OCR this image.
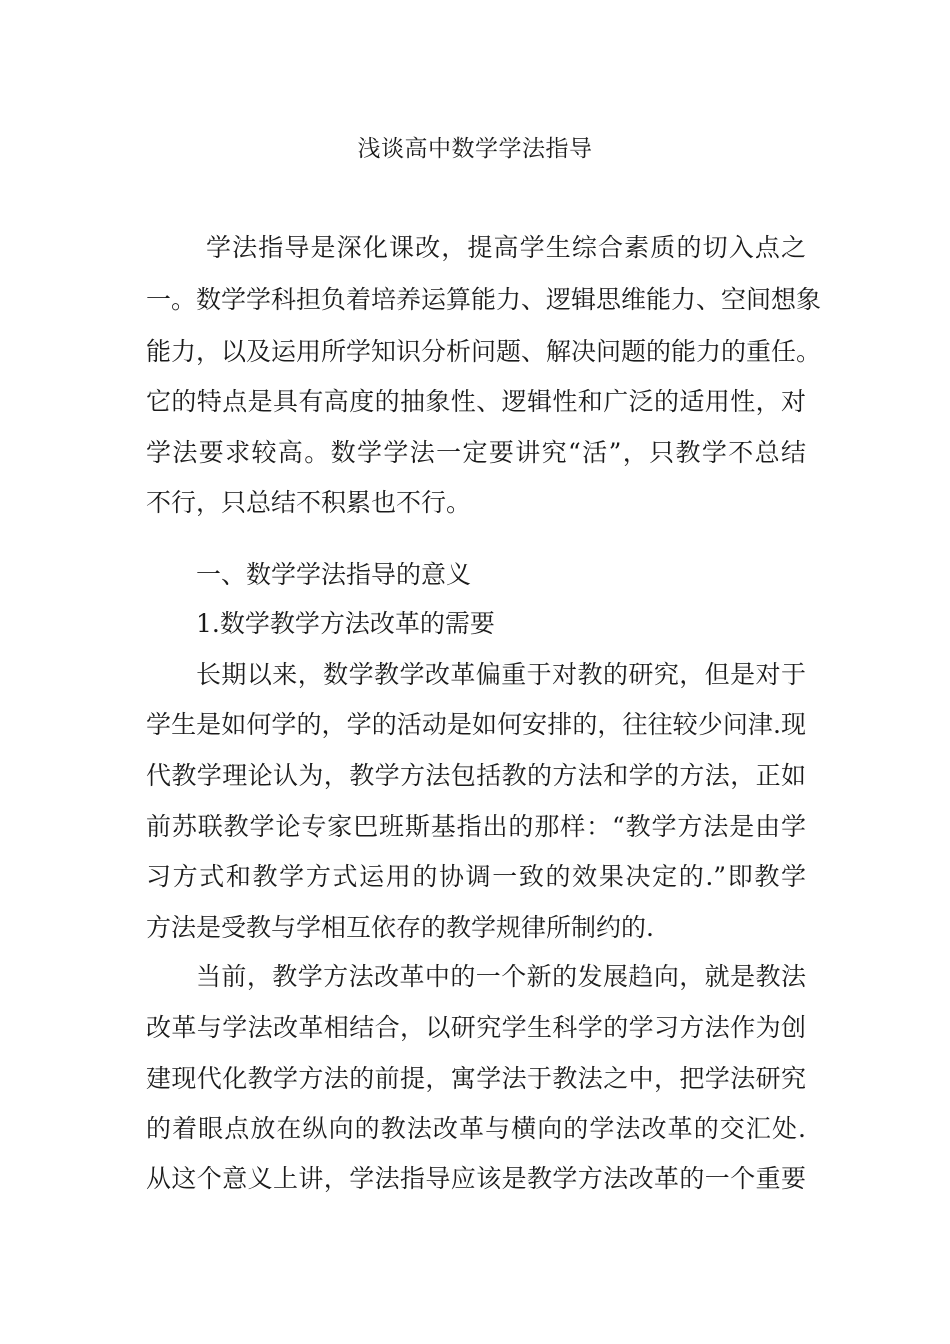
浅谈高中数学学法指导
学法指导是深化课改，提高学生综合素质的切入点之
一。数学学科担负着培养运算能力、逻辑思维能力、空间想象
能力，以及运用所学知识分析问题、解决问题的能力的重任。
它的特点是具有高度的抽象性、逻辑性和广泛的适用性，对
学法要求较高。数学学法一定要讲究“活”，只教学不总结
不行，只总结不积累也不行。
一、数学学法指导的意义
1.数学教学方法改革的需要
长期以来，数学教学改革偏重于对教的研究，但是对于
学生是如何学的，学的活动是如何安排的，往往较少问津.现
代教学理论认为，教学方法包括教的方法和学的方法，正如
前苏联教学论专家巴班斯基指出的那样：“教学方法是由学
习方式和教学方式运用的协调一致的效果决定的.”即教学
方法是受教与学相互依存的教学规律所制约的.
当前，教学方法改革中的一个新的发展趋向，就是教法
改革与学法改革相结合，以研究学生科学的学习方法作为创
建现代化教学方法的前提，寓学法于教法之中，把学法研究
的着眼点放在纵向的教法改革与横向的学法改革的交汇处.
从这个意义上讲，学法指导应该是教学方法改革的一个重要
